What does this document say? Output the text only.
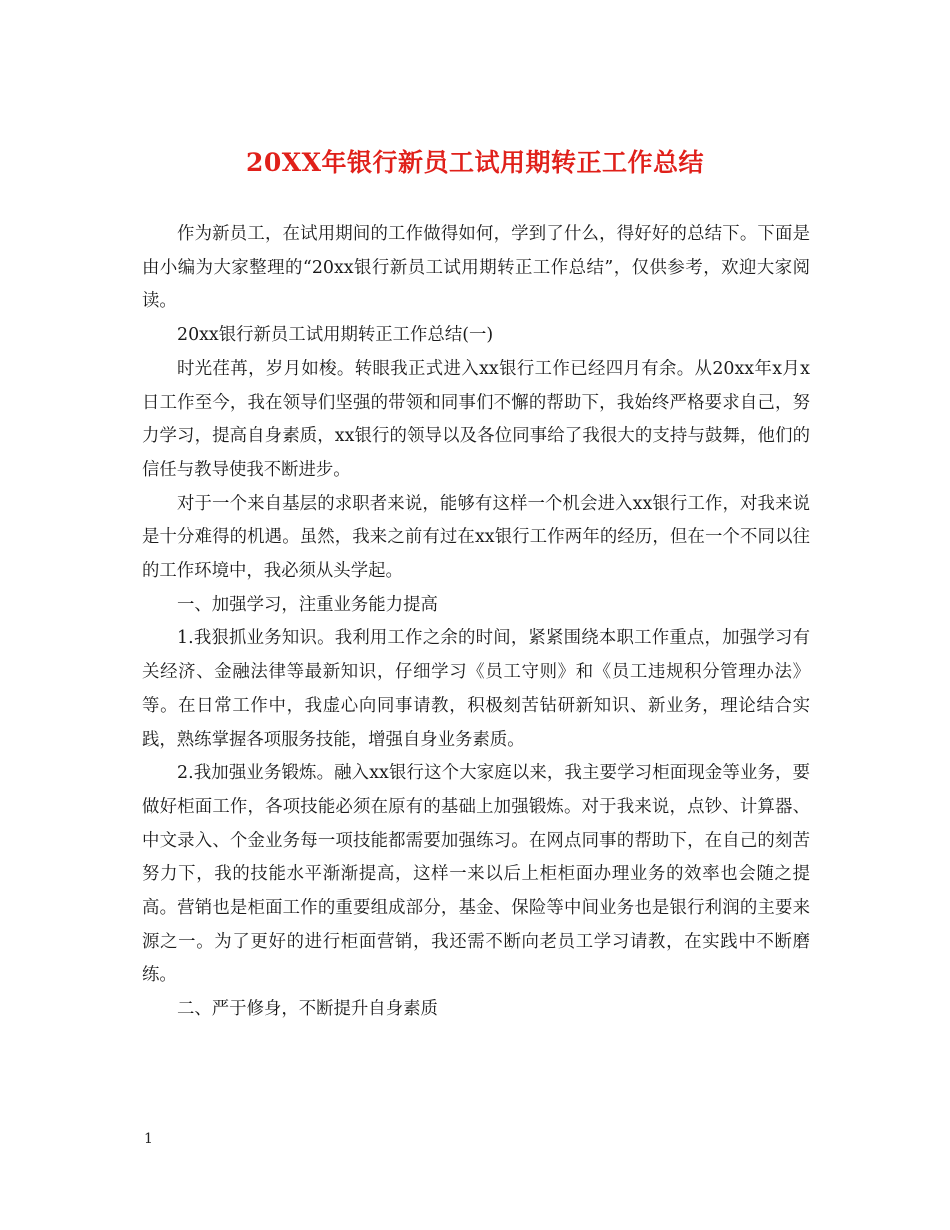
20XX年银行新员工试用期转正工作总结

作为新员工，在试用期间的工作做得如何，学到了什么，得好好的总结下。下面是由小编为大家整理的“20xx银行新员工试用期转正工作总结”，仅供参考，欢迎大家阅读。

20xx银行新员工试用期转正工作总结(一)

时光荏苒，岁月如梭。转眼我正式进入xx银行工作已经四月有余。从20xx年x月x日工作至今，我在领导们坚强的带领和同事们不懈的帮助下，我始终严格要求自己，努力学习，提高自身素质，xx银行的领导以及各位同事给了我很大的支持与鼓舞，他们的信任与教导使我不断进步。

对于一个来自基层的求职者来说，能够有这样一个机会进入xx银行工作，对我来说是十分难得的机遇。虽然，我来之前有过在xx银行工作两年的经历，但在一个不同以往的工作环境中，我必须从头学起。

一、加强学习，注重业务能力提高

1.我狠抓业务知识。我利用工作之余的时间，紧紧围绕本职工作重点，加强学习有关经济、金融法律等最新知识，仔细学习《员工守则》和《员工违规积分管理办法》等。在日常工作中，我虚心向同事请教，积极刻苦钻研新知识、新业务，理论结合实践，熟练掌握各项服务技能，增强自身业务素质。

2.我加强业务锻炼。融入xx银行这个大家庭以来，我主要学习柜面现金等业务，要做好柜面工作，各项技能必须在原有的基础上加强锻炼。对于我来说，点钞、计算器、中文录入、个金业务每一项技能都需要加强练习。在网点同事的帮助下，在自己的刻苦努力下，我的技能水平渐渐提高，这样一来以后上柜柜面办理业务的效率也会随之提高。营销也是柜面工作的重要组成部分，基金、保险等中间业务也是银行利润的主要来源之一。为了更好的进行柜面营销，我还需不断向老员工学习请教，在实践中不断磨练。

二、严于修身，不断提升自身素质

1
